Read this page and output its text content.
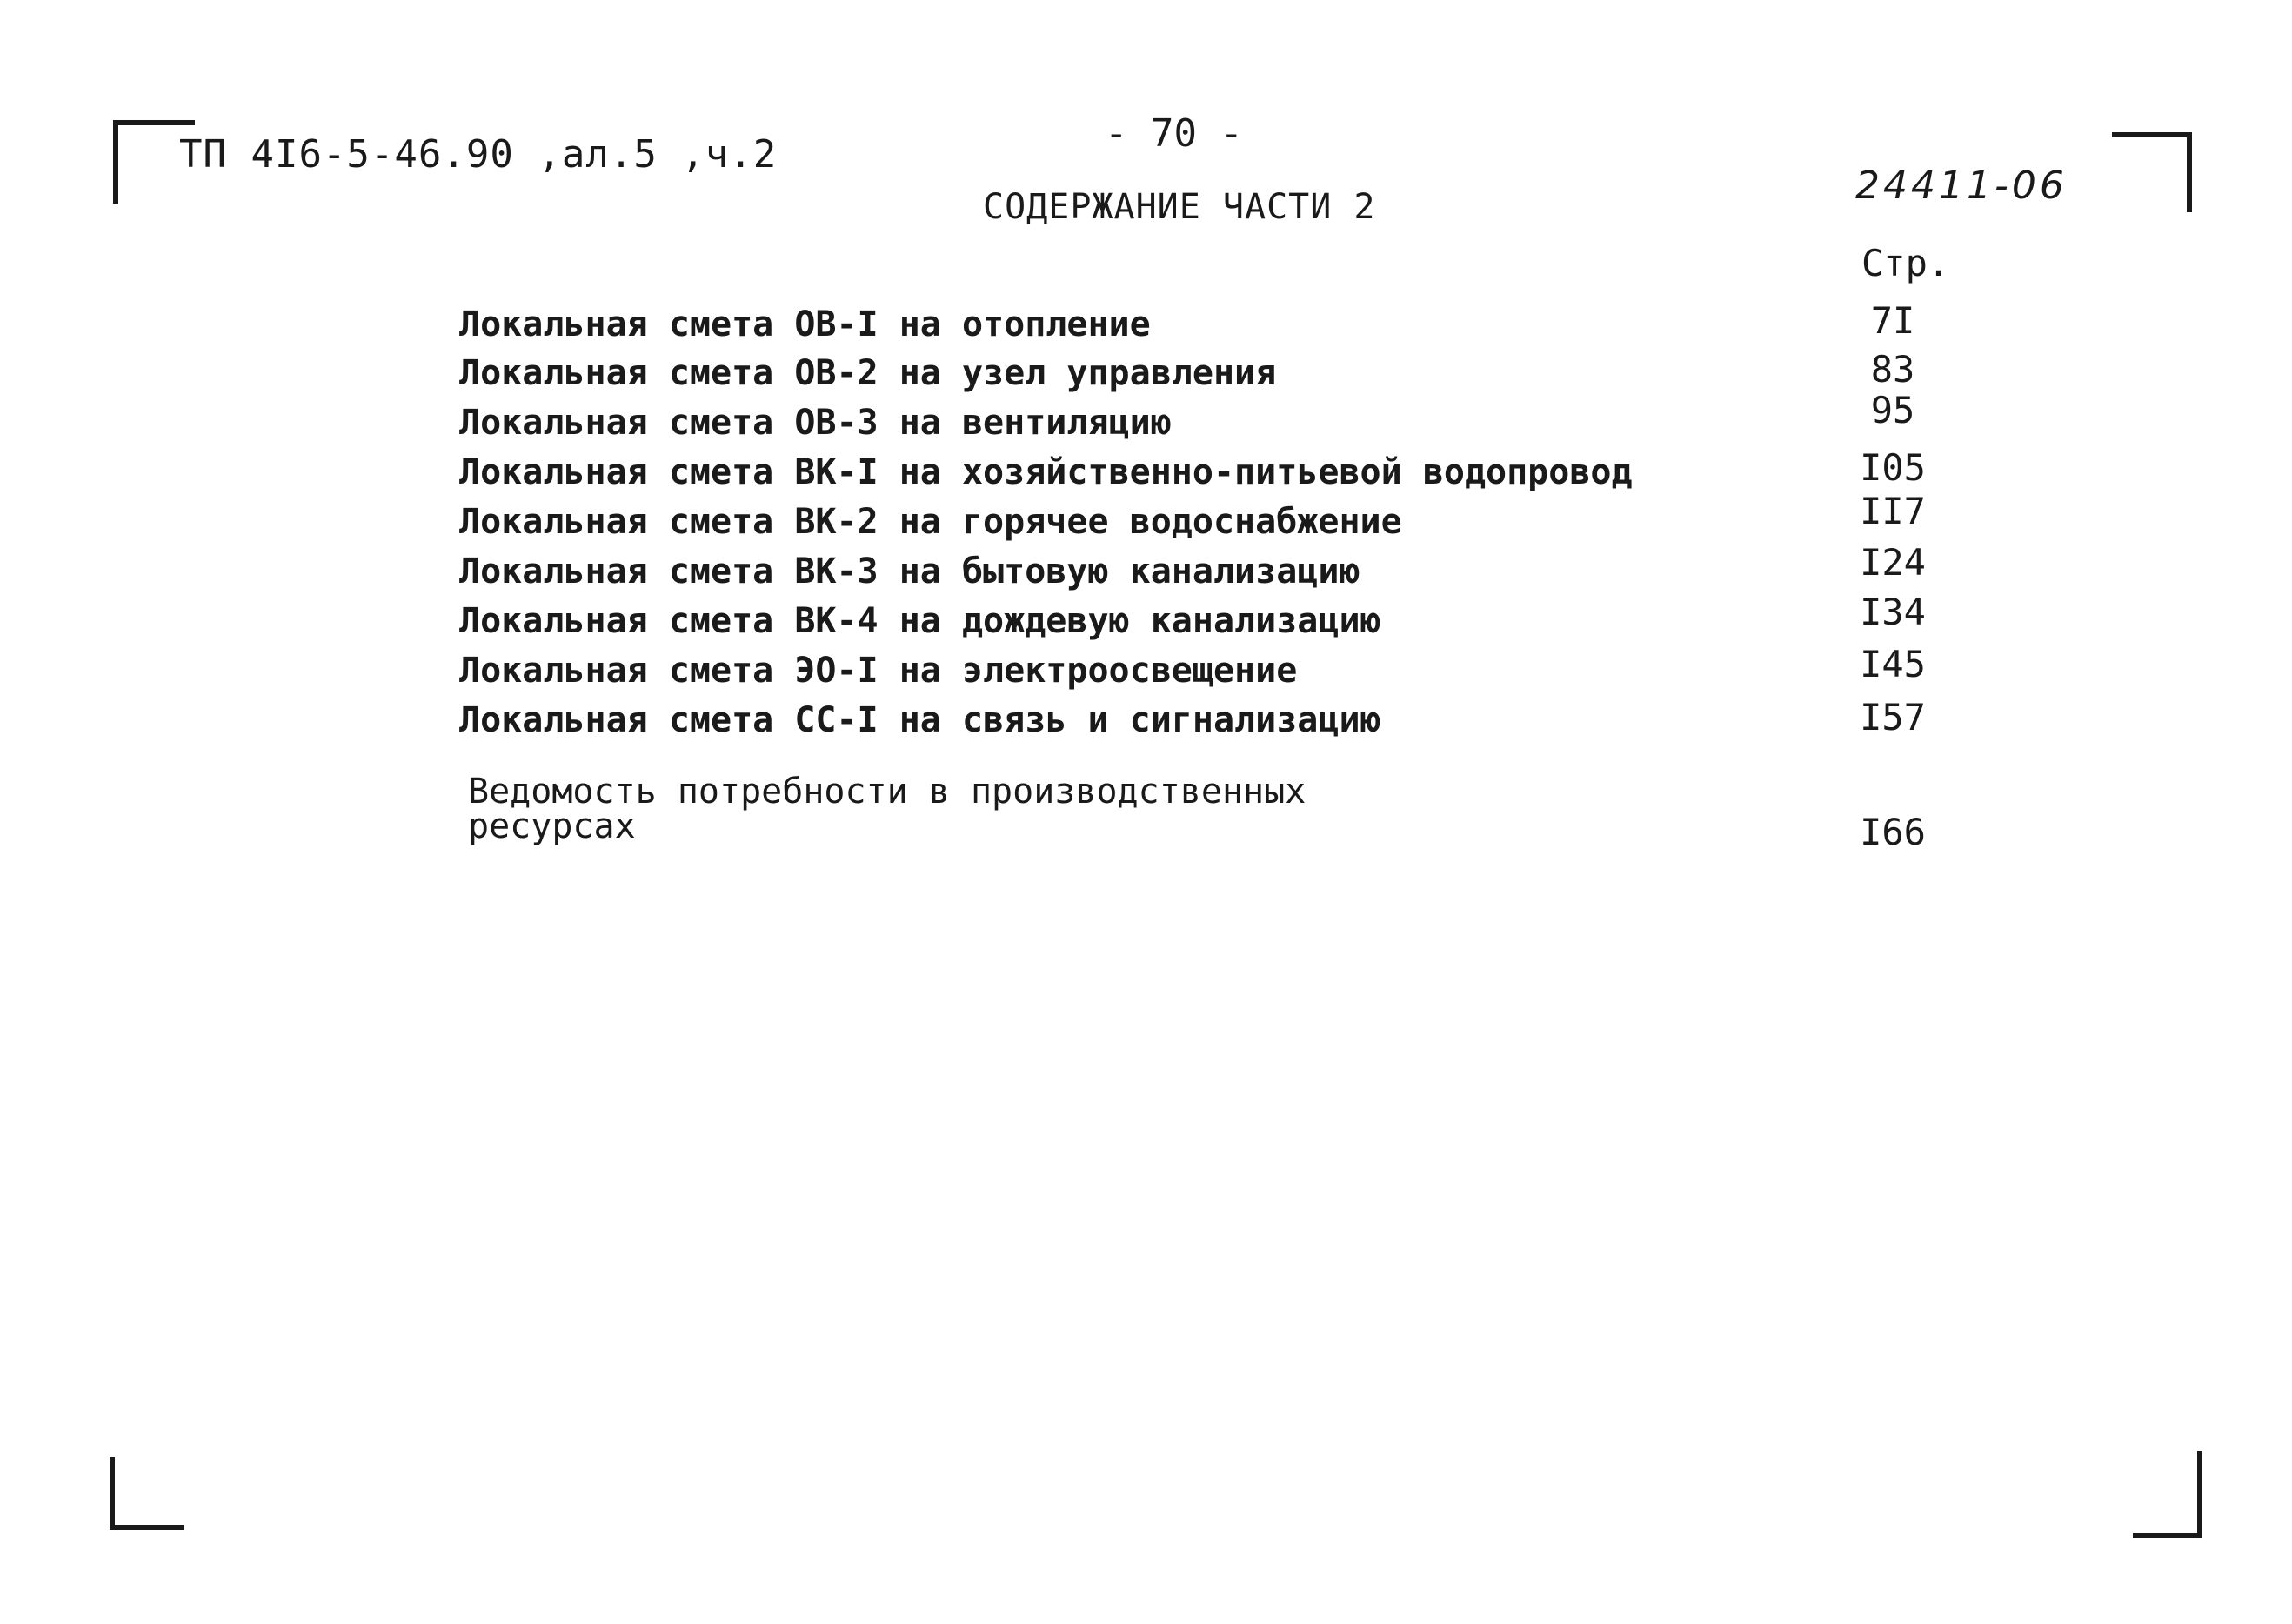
ТП 4I6-5-46.90 ,ал.5 ,ч.2	- 70 -
СОДЕРЖАНИЕ ЧАСТИ 2	24411-06
Стр.
Локальная смета ОВ-I на отопление	7I
Локальная смета ОВ-2 на узел управления	83
Локальная смета ОВ-3 на вентиляцию	95
Локальная смета ВК-I на хозяйственно-питьевой водопровод	I05
Локальная смета ВК-2 на горячее водоснабжение	II7
Локальная смета ВК-3 на бытовую канализацию	I24
Локальная смета ВК-4 на дождевую канализацию	I34
Локальная смета ЭО-I на электроосвещение	I45
Локальная смета СС-I на связь и сигнализацию	I57
Ведомость потребности в производственных
ресурсах	I66
